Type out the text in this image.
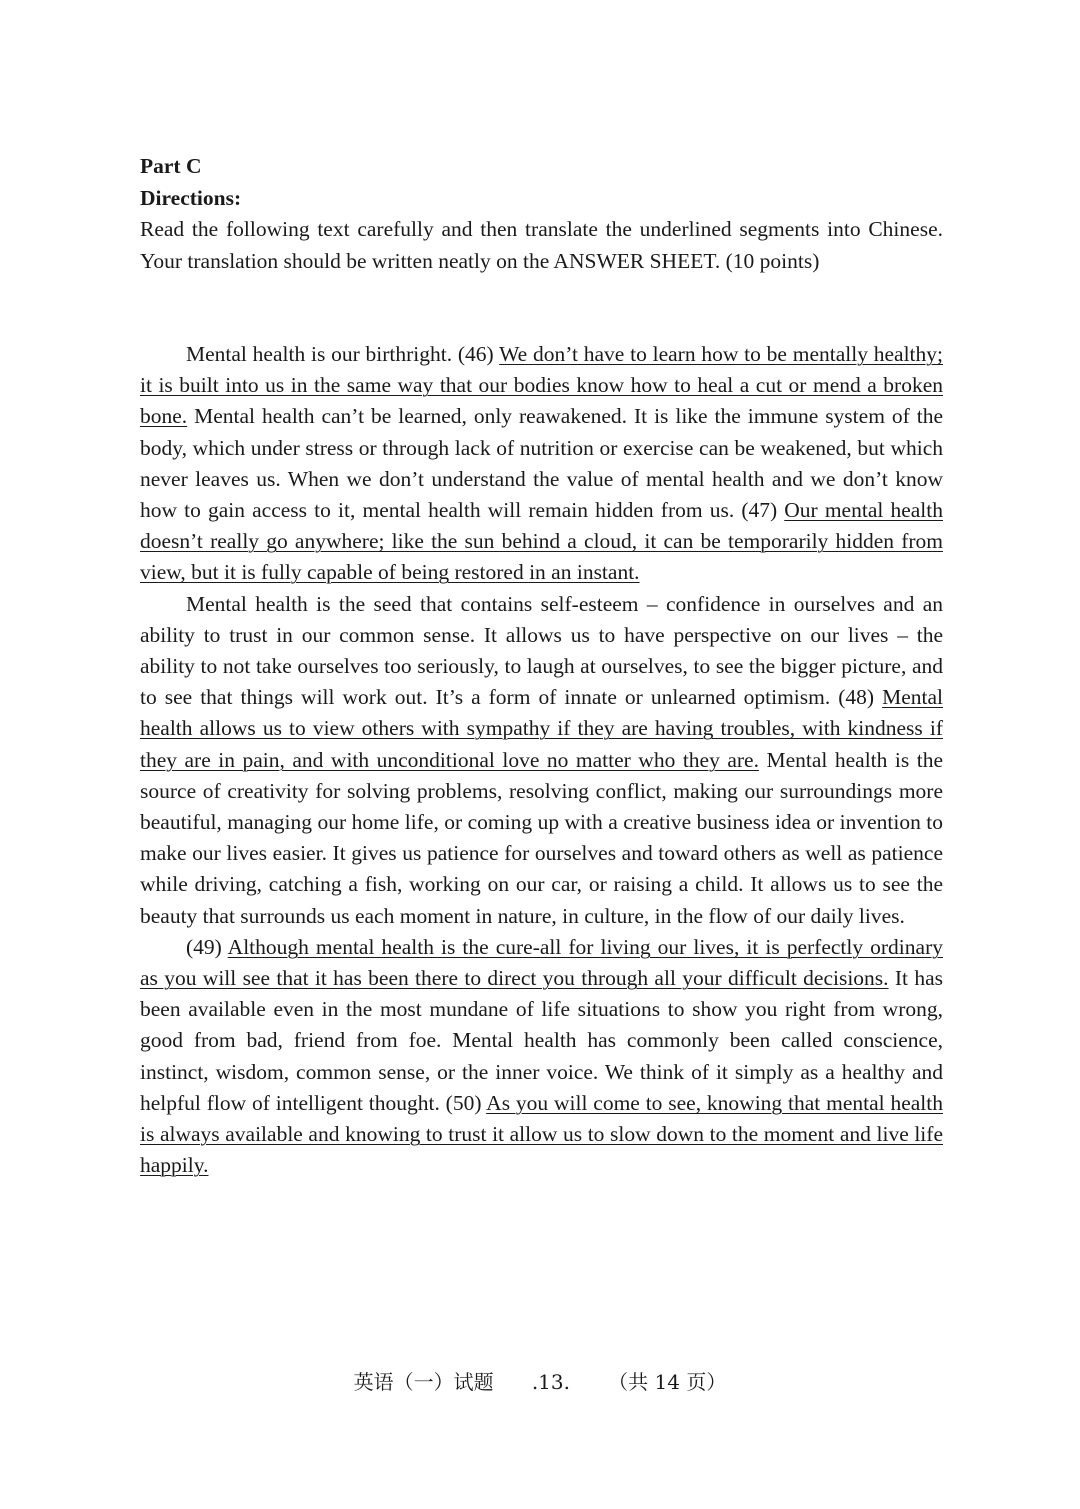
Part C

Directions:

Read the following text carefully and then translate the underlined segments into Chinese. Your translation should be written neatly on the ANSWER SHEET. (10 points)

Mental health is our birthright. (46) We don’t have to learn how to be mentally healthy; it is built into us in the same way that our bodies know how to heal a cut or mend a broken bone. Mental health can’t be learned, only reawakened. It is like the immune system of the body, which under stress or through lack of nutrition or exercise can be weakened, but which never leaves us. When we don’t understand the value of mental health and we don’t know how to gain access to it, mental health will remain hidden from us. (47) Our mental health doesn’t really go anywhere; like the sun behind a cloud, it can be temporarily hidden from view, but it is fully capable of being restored in an instant.

Mental health is the seed that contains self-esteem – confidence in ourselves and an ability to trust in our common sense. It allows us to have perspective on our lives – the ability to not take ourselves too seriously, to laugh at ourselves, to see the bigger picture, and to see that things will work out. It’s a form of innate or unlearned optimism. (48) Mental health allows us to view others with sympathy if they are having troubles, with kindness if they are in pain, and with unconditional love no matter who they are. Mental health is the source of creativity for solving problems, resolving conflict, making our surroundings more beautiful, managing our home life, or coming up with a creative business idea or invention to make our lives easier. It gives us patience for ourselves and toward others as well as patience while driving, catching a fish, working on our car, or raising a child. It allows us to see the beauty that surrounds us each moment in nature, in culture, in the flow of our daily lives.

(49) Although mental health is the cure-all for living our lives, it is perfectly ordinary as you will see that it has been there to direct you through all your difficult decisions. It has been available even in the most mundane of life situations to show you right from wrong, good from bad, friend from foe. Mental health has commonly been called conscience, instinct, wisdom, common sense, or the inner voice. We think of it simply as a healthy and helpful flow of intelligent thought. (50) As you will come to see, knowing that mental health is always available and knowing to trust it allow us to slow down to the moment and live life happily.

英语（一）试题 .13. （共 14 页）
